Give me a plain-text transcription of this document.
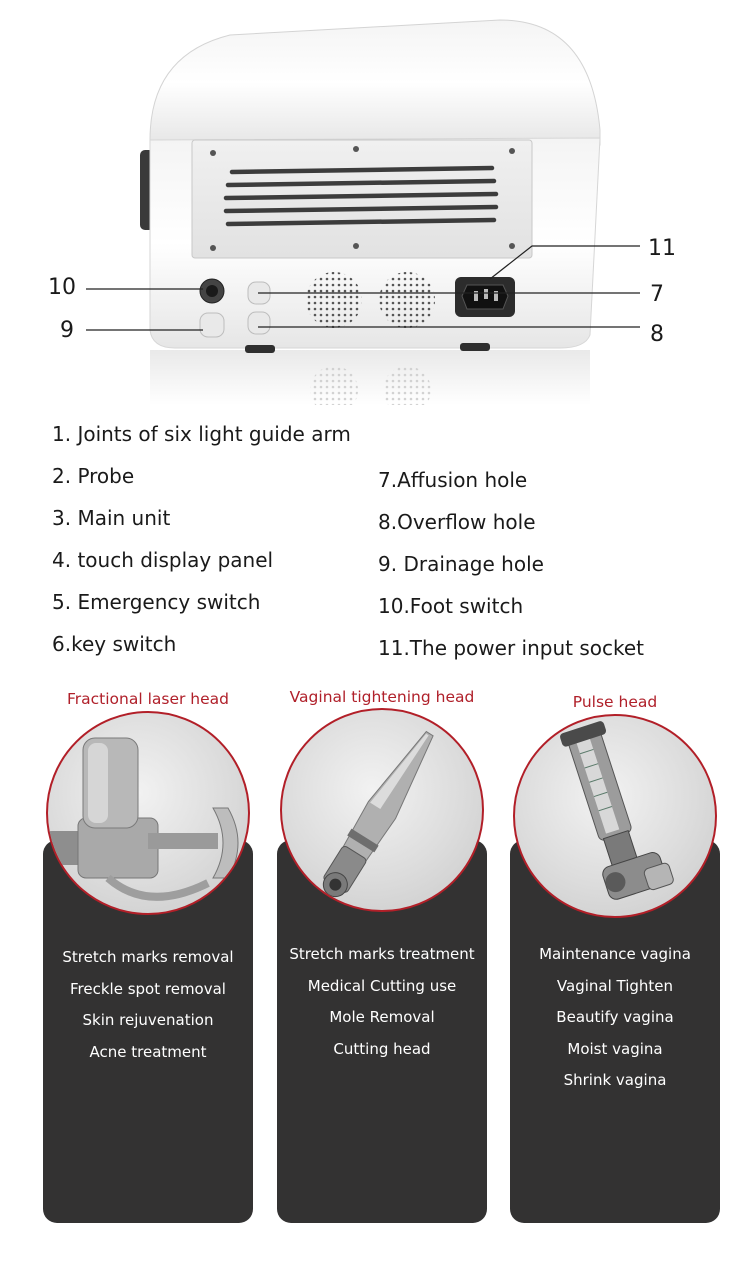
10
9
11
7
8
1. Joints of six light guide arm
2. Probe
3. Main unit
4. touch display panel
5. Emergency switch
6.key switch
7.Affusion hole
8.Overflow hole
9. Drainage hole
10.Foot switch
11.The power input socket
Fractional laser head
Stretch marks removal
Freckle spot removal
Skin rejuvenation
Acne treatment
Vaginal tightening head
Stretch marks treatment
Medical Cutting use
Mole Removal
Cutting head
Pulse head
Maintenance vagina
Vaginal Tighten
Beautify vagina
Moist vagina
Shrink vagina
